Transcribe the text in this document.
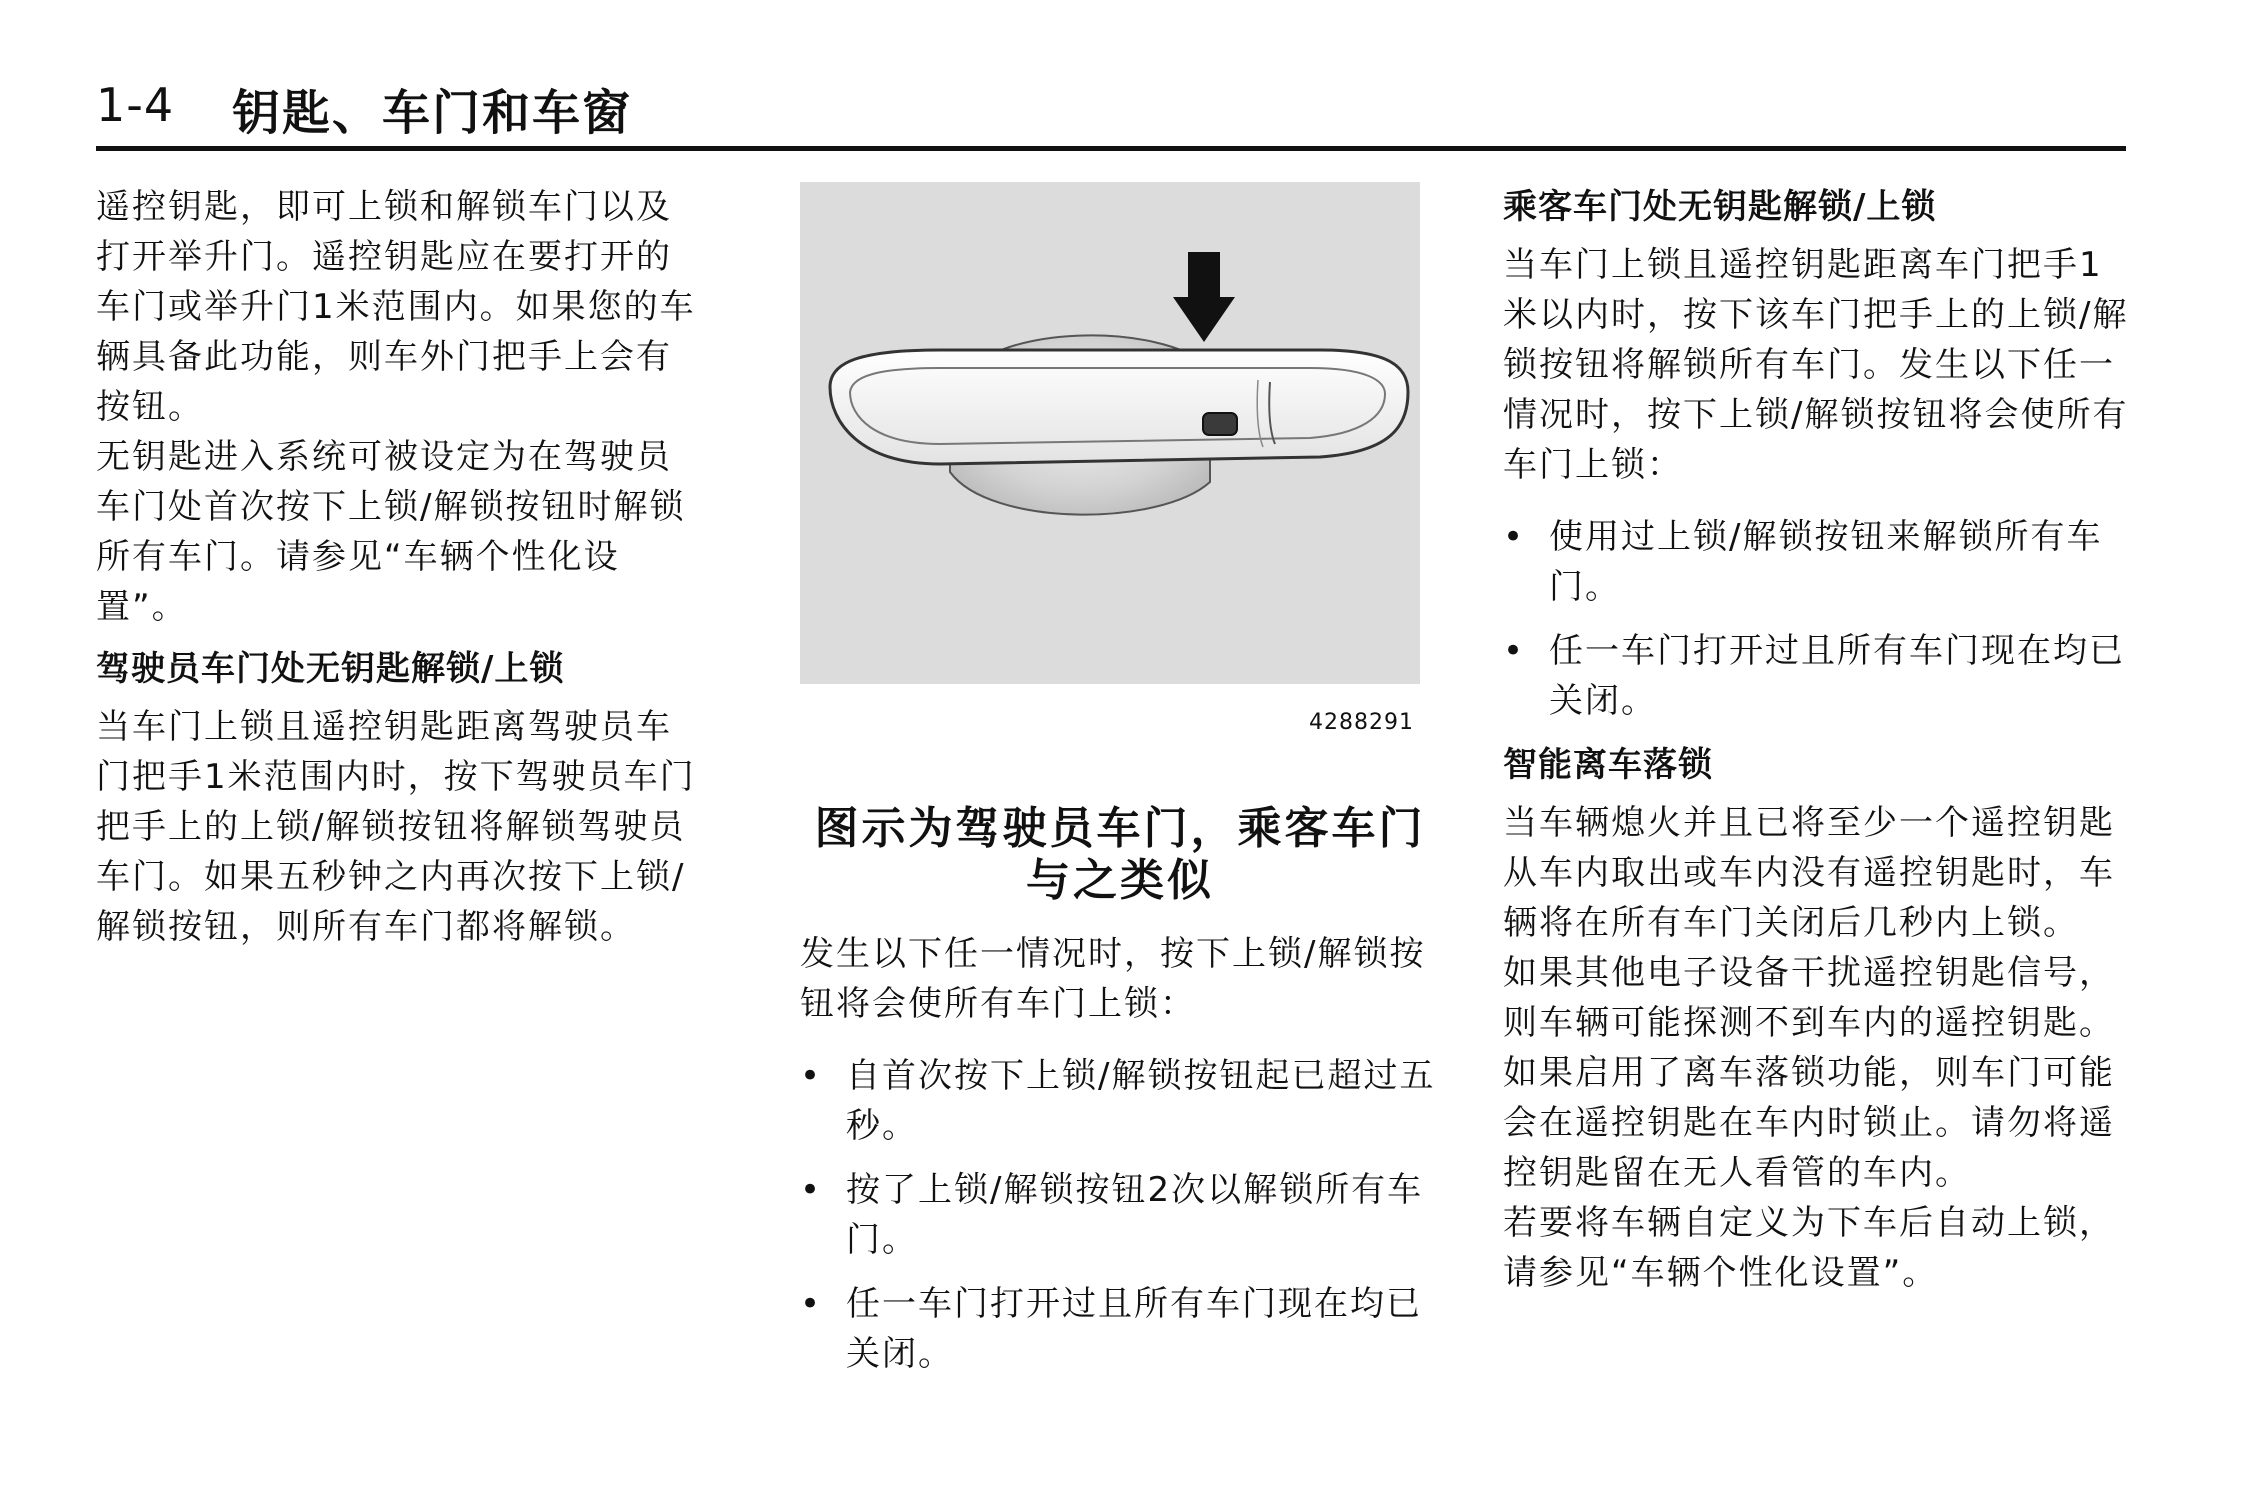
1-4 钥匙、车门和车窗

遥控钥匙，即可上锁和解锁车门以及打开举升门。遥控钥匙应在要打开的车门或举升门1米范围内。如果您的车辆具备此功能，则车外门把手上会有按钮。

无钥匙进入系统可被设定为在驾驶员车门处首次按下上锁/解锁按钮时解锁所有车门。请参见“车辆个性化设置”。

驾驶员车门处无钥匙解锁/上锁

当车门上锁且遥控钥匙距离驾驶员车门把手1米范围内时，按下驾驶员车门把手上的上锁/解锁按钮将解锁驾驶员车门。如果五秒钟之内再次按下上锁/解锁按钮，则所有车门都将解锁。

4288291
图示为驾驶员车门，乘客车门与之类似

发生以下任一情况时，按下上锁/解锁按钮将会使所有车门上锁：

• 自首次按下上锁/解锁按钮起已超过五秒。
• 按了上锁/解锁按钮2次以解锁所有车门。
• 任一车门打开过且所有车门现在均已关闭。
乘客车门处无钥匙解锁/上锁

当车门上锁且遥控钥匙距离车门把手1米以内时，按下该车门把手上的上锁/解锁按钮将解锁所有车门。发生以下任一情况时，按下上锁/解锁按钮将会使所有车门上锁：

• 使用过上锁/解锁按钮来解锁所有车门。
• 任一车门打开过且所有车门现在均已关闭。
智能离车落锁

当车辆熄火并且已将至少一个遥控钥匙从车内取出或车内没有遥控钥匙时，车辆将在所有车门关闭后几秒内上锁。

如果其他电子设备干扰遥控钥匙信号，则车辆可能探测不到车内的遥控钥匙。如果启用了离车落锁功能，则车门可能会在遥控钥匙在车内时锁止。请勿将遥控钥匙留在无人看管的车内。

若要将车辆自定义为下车后自动上锁，请参见“车辆个性化设置”。
